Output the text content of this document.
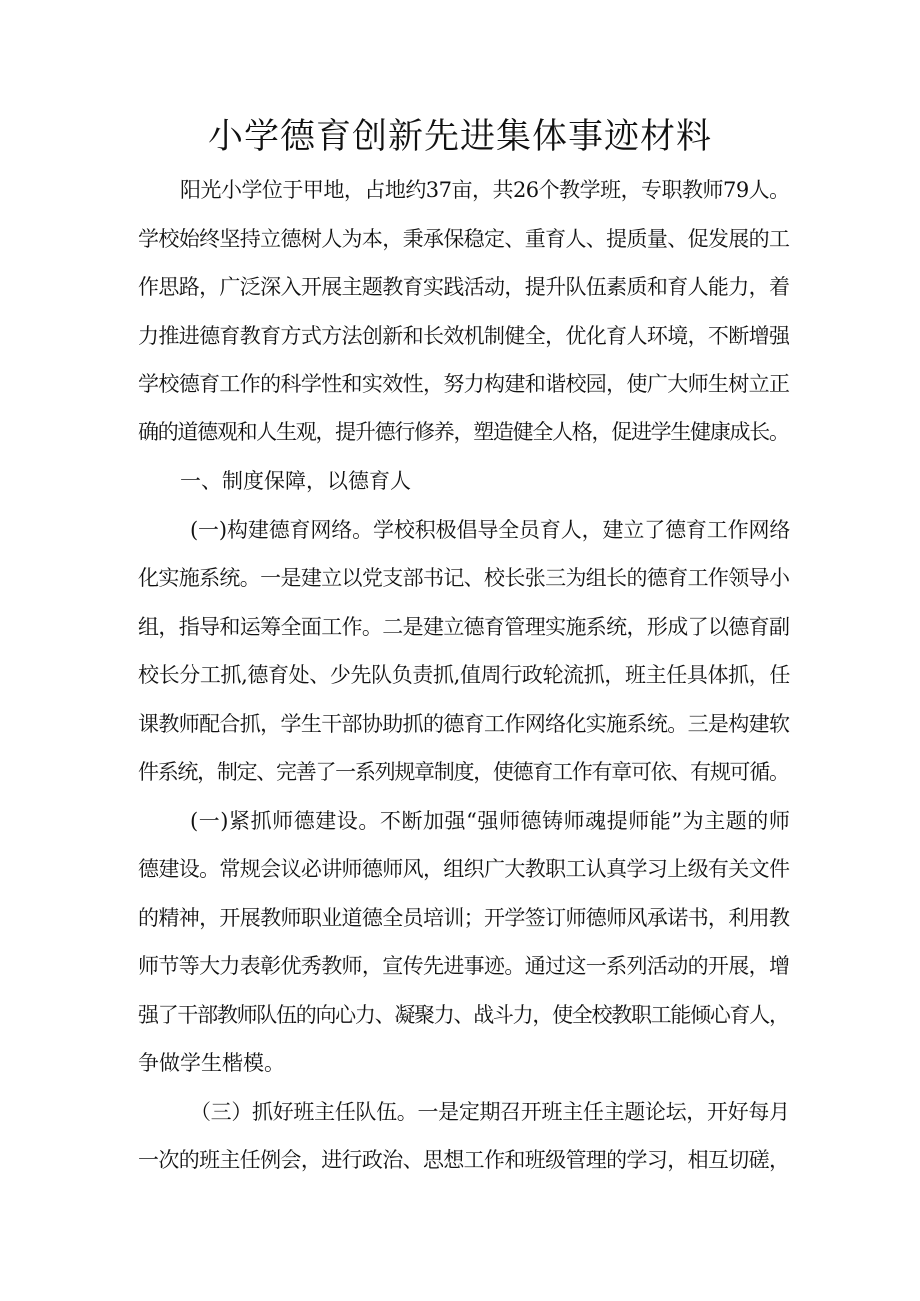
小学德育创新先进集体事迹材料

阳光小学位于甲地，占地约37亩，共26个教学班，专职教师79人。

学校始终坚持立德树人为本，秉承保稳定、重育人、提质量、促发展的工

作思路，广泛深入开展主题教育实践活动，提升队伍素质和育人能力，着

力推进德育教育方式方法创新和长效机制健全，优化育人环境，不断增强

学校德育工作的科学性和实效性，努力构建和谐校园，使广大师生树立正

确的道德观和人生观，提升德行修养，塑造健全人格，促进学生健康成长。

一、制度保障，以德育人

(一)构建德育网络。学校积极倡导全员育人，建立了德育工作网络

化实施系统。一是建立以党支部书记、校长张三为组长的德育工作领导小

组，指导和运筹全面工作。二是建立德育管理实施系统，形成了以德育副

校长分工抓,德育处、少先队负责抓,值周行政轮流抓，班主任具体抓，任

课教师配合抓，学生干部协助抓的德育工作网络化实施系统。三是构建软

件系统，制定、完善了一系列规章制度，使德育工作有章可依、有规可循。

(一)紧抓师德建设。不断加强“强师德铸师魂提师能”为主题的师

德建设。常规会议必讲师德师风，组织广大教职工认真学习上级有关文件

的精神，开展教师职业道德全员培训；开学签订师德师风承诺书，利用教

师节等大力表彰优秀教师，宣传先进事迹。通过这一系列活动的开展，增

强了干部教师队伍的向心力、凝聚力、战斗力，使全校教职工能倾心育人，

争做学生楷模。

（三）抓好班主任队伍。一是定期召开班主任主题论坛，开好每月

一次的班主任例会，进行政治、思想工作和班级管理的学习，相互切磋，
